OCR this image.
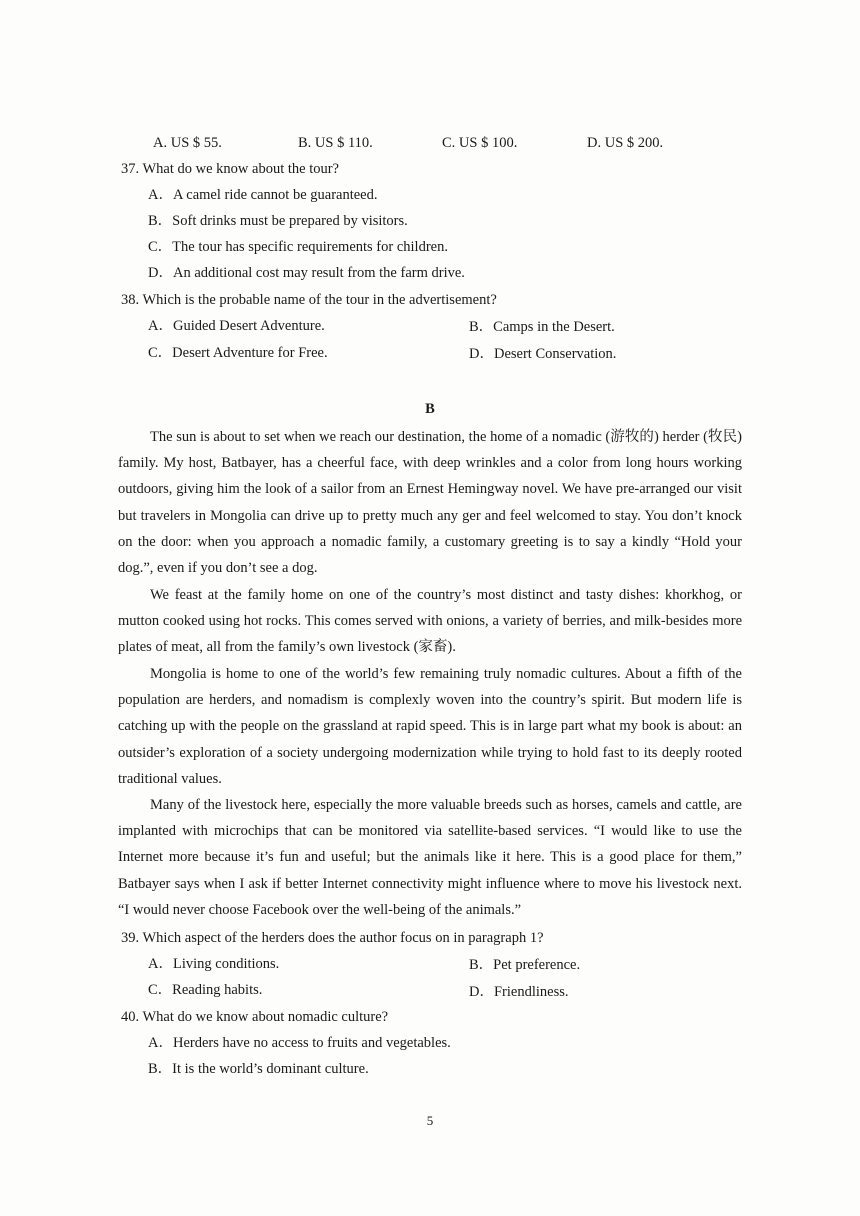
A. US $ 55.	B. US $ 110.	C. US $ 100.	D. US $ 200.
37. What do we know about the tour?
A．A camel ride cannot be guaranteed.
B．Soft drinks must be prepared by visitors.
C．The tour has specific requirements for children.
D．An additional cost may result from the farm drive.
38. Which is the probable name of the tour in the advertisement?
A．Guided Desert Adventure.	B．Camps in the Desert.
C．Desert Adventure for Free.	D．Desert Conservation.
B

The sun is about to set when we reach our destination, the home of a nomadic (游牧的) herder (牧民) family. My host, Batbayer, has a cheerful face, with deep wrinkles and a color from long hours working outdoors, giving him the look of a sailor from an Ernest Hemingway novel. We have pre-arranged our visit but travelers in Mongolia can drive up to pretty much any ger and feel welcomed to stay. You don’t knock on the door: when you approach a nomadic family, a customary greeting is to say a kindly “Hold your dog.”, even if you don’t see a dog.

We feast at the family home on one of the country’s most distinct and tasty dishes: khorkhog, or mutton cooked using hot rocks. This comes served with onions, a variety of berries, and milk-besides more plates of meat, all from the family’s own livestock (家畜).

Mongolia is home to one of the world’s few remaining truly nomadic cultures. About a fifth of the population are herders, and nomadism is complexly woven into the country’s spirit. But modern life is catching up with the people on the grassland at rapid speed. This is in large part what my book is about: an outsider’s exploration of a society undergoing modernization while trying to hold fast to its deeply rooted traditional values.

Many of the livestock here, especially the more valuable breeds such as horses, camels and cattle, are implanted with microchips that can be monitored via satellite-based services. “I would like to use the Internet more because it’s fun and useful; but the animals like it here. This is a good place for them,” Batbayer says when I ask if better Internet connectivity might influence where to move his livestock next. “I would never choose Facebook over the well-being of the animals.”

39. Which aspect of the herders does the author focus on in paragraph 1?
A．Living conditions.	B．Pet preference.
C．Reading habits.	D．Friendliness.
40. What do we know about nomadic culture?
A．Herders have no access to fruits and vegetables.
B．It is the world’s dominant culture.
5
